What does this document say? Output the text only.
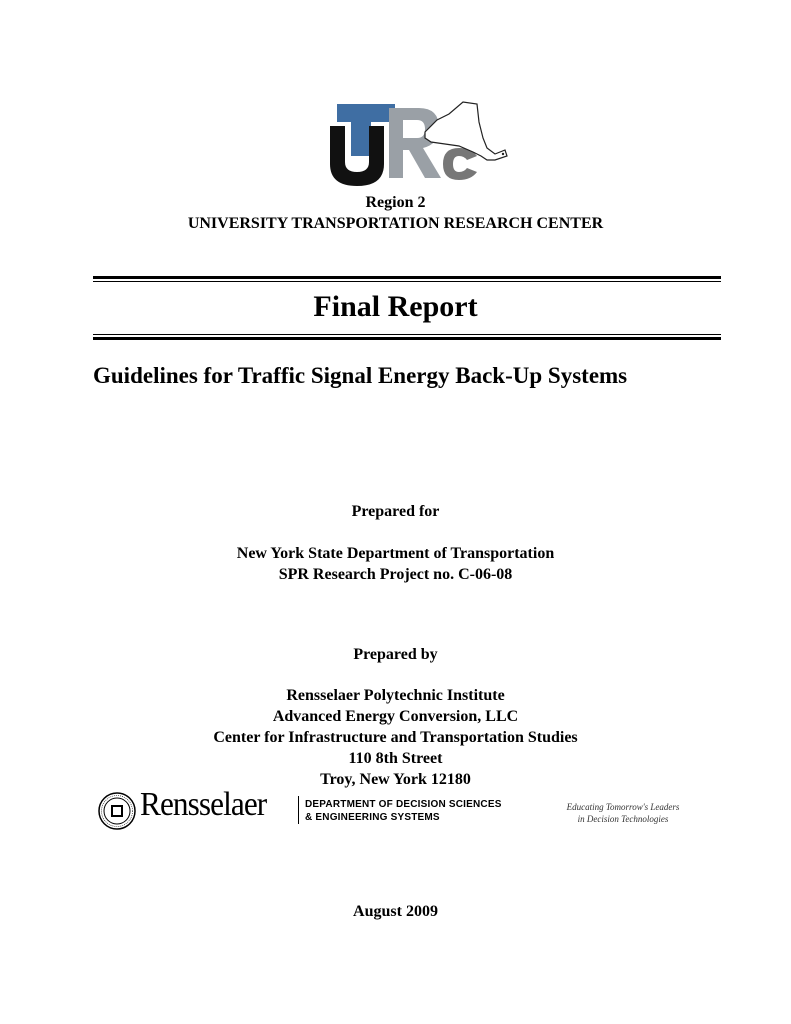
Region 2
UNIVERSITY TRANSPORTATION RESEARCH CENTER
Final Report
Guidelines for Traffic Signal Energy Back-Up Systems
Prepared for
New York State Department of Transportation
SPR Research Project no. C-06-08
Prepared by
Rensselaer Polytechnic Institute
Advanced Energy Conversion, LLC
Center for Infrastructure and Transportation Studies
110 8th Street
Troy, New York 12180
Rensselaer	DEPARTMENT OF DECISION SCIENCES
& ENGINEERING SYSTEMS
Educating Tomorrow's Leaders
in Decision Technologies
August 2009
